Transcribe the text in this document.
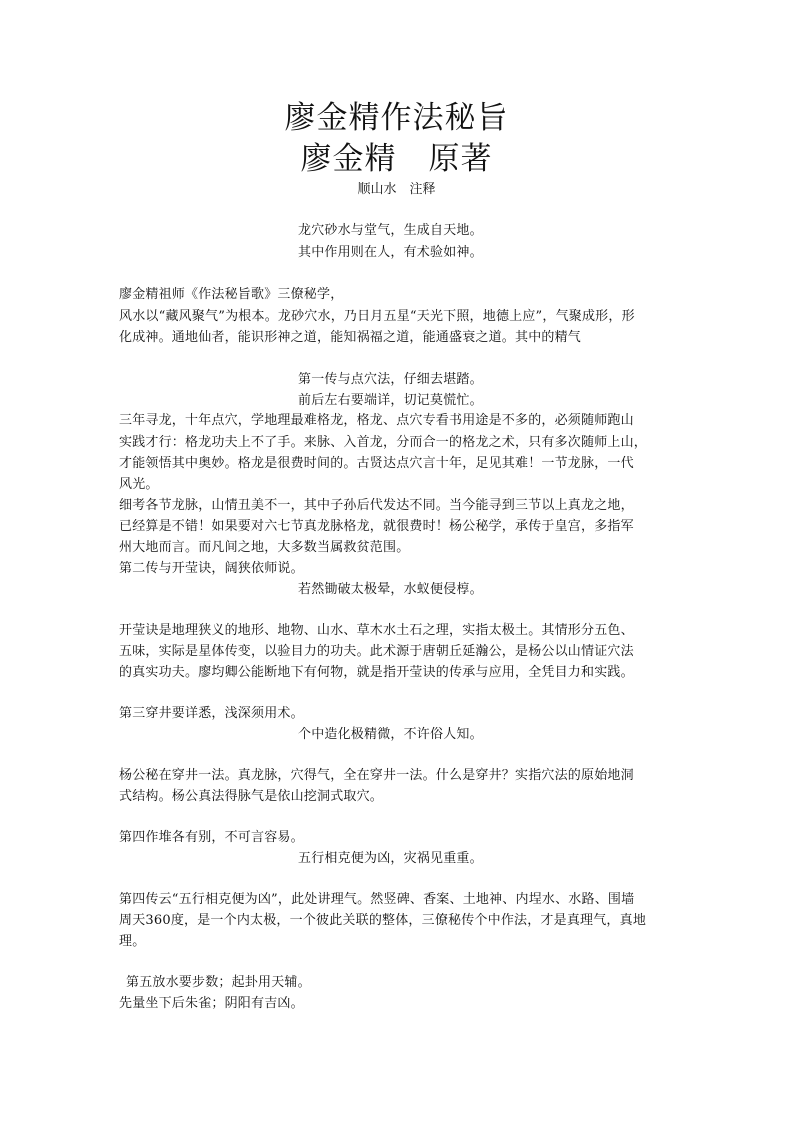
廖金精作法秘旨
廖金精　原著
顺山水　注释
龙穴砂水与堂气，生成自天地。
其中作用则在人，有术验如神。
廖金精祖师《作法秘旨歌》三僚秘学，
风水以“藏风聚气”为根本。龙砂穴水，乃日月五星“天光下照，地德上应”，气聚成形，形
化成神。通地仙者，能识形神之道，能知祸福之道，能通盛衰之道。其中的精气
第一传与点穴法，仔细去堪踏。
前后左右要端详，切记莫慌忙。
三年寻龙，十年点穴，学地理最难格龙，格龙、点穴专看书用途是不多的，必须随师跑山
实践才行：格龙功夫上不了手。来脉、入首龙，分而合一的格龙之术，只有多次随师上山，
才能领悟其中奥妙。格龙是很费时间的。古贤达点穴言十年，足见其难！一节龙脉，一代
风光。
细考各节龙脉，山情丑美不一，其中子孙后代发达不同。当今能寻到三节以上真龙之地，
已经算是不错！如果要对六七节真龙脉格龙，就很费时！杨公秘学，承传于皇宫，多指军
州大地而言。而凡间之地，大多数当属救贫范围。
第二传与开莹诀，阔狭依师说。
若然锄破太极晕，水蚁便侵椁。
开莹诀是地理狭义的地形、地物、山水、草木水土石之理，实指太极土。其情形分五色、
五味，实际是星体传变，以验目力的功夫。此术源于唐朝丘延瀚公，是杨公以山情证穴法
的真实功夫。廖均卿公能断地下有何物，就是指开莹诀的传承与应用，全凭目力和实践。
第三穿井要详悉，浅深须用术。
个中造化极精微，不许俗人知。
杨公秘在穿井一法。真龙脉，穴得气，全在穿井一法。什么是穿井？实指穴法的原始地洞
式结构。杨公真法得脉气是依山挖洞式取穴。
第四作堆各有别，不可言容易。
五行相克便为凶，灾祸见重重。
第四传云“五行相克便为凶”，此处讲理气。然竖碑、香案、土地神、内埕水、水路、围墙
周天360度，是一个内太极，一个彼此关联的整体，三僚秘传个中作法，才是真理气，真地
理。
第五放水要步数；起卦用天辅。
先量坐下后朱雀；阴阳有吉凶。
